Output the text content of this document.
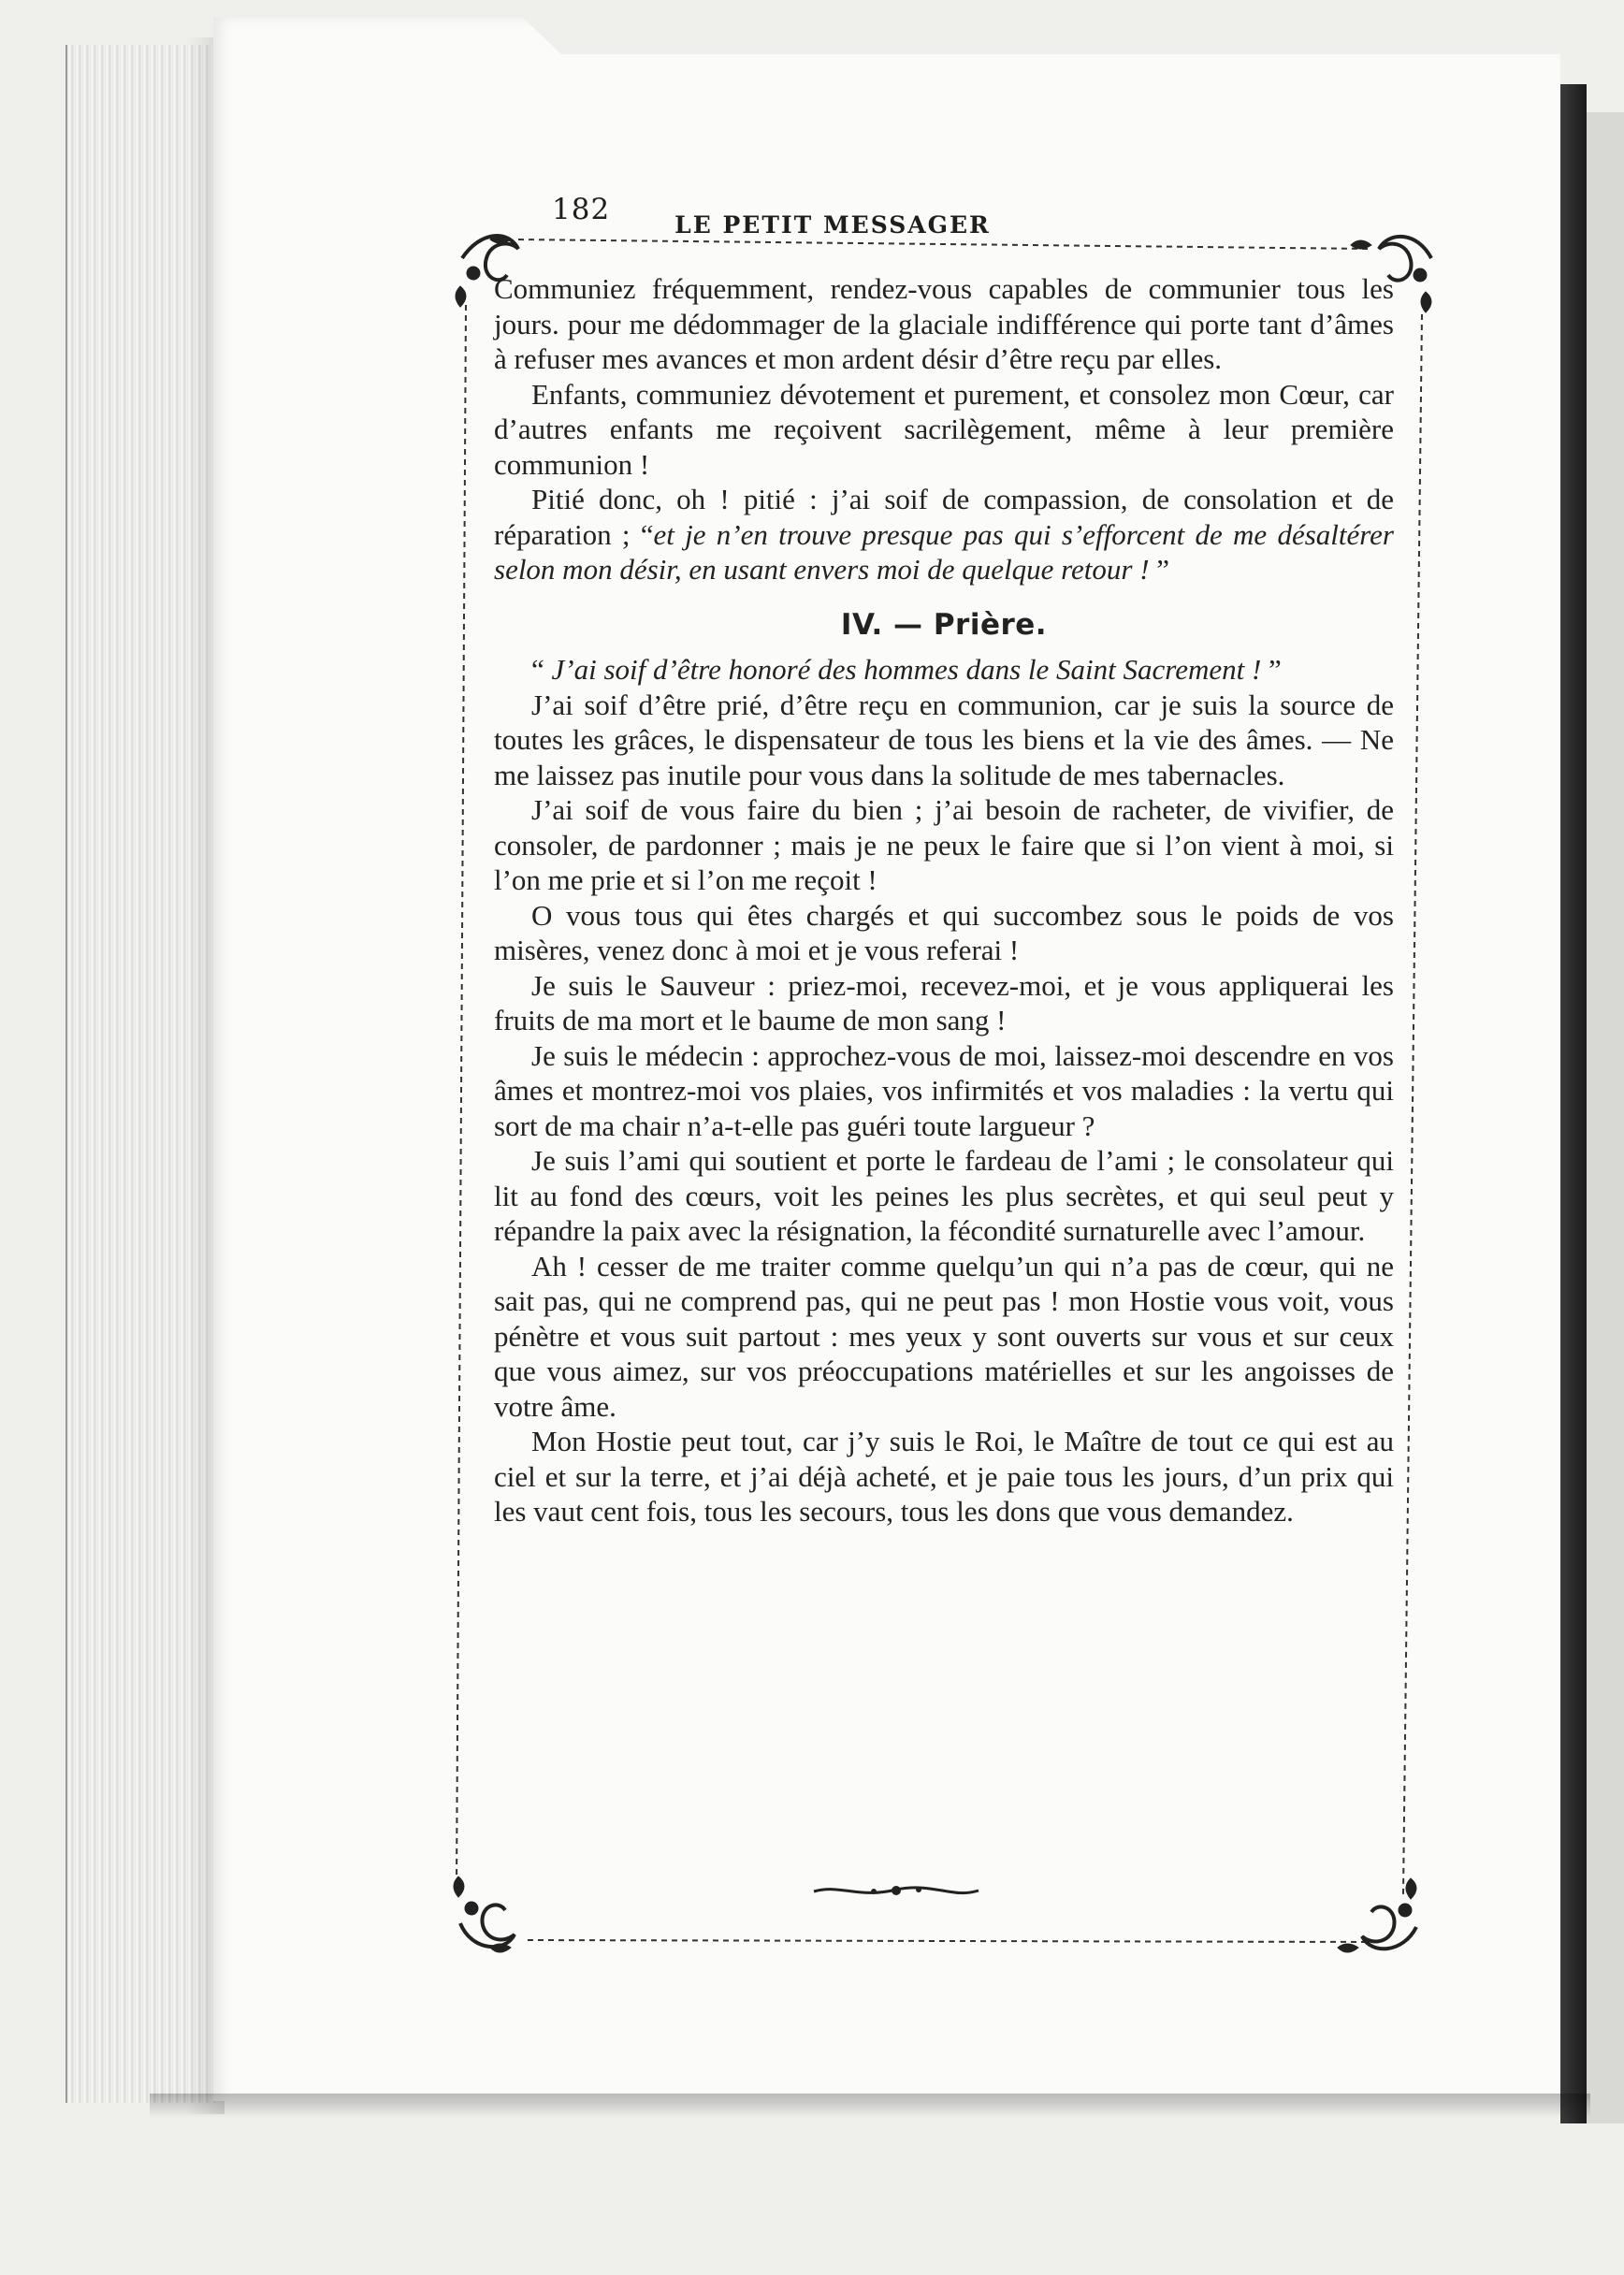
182	LE PETIT MESSAGER

Communiez fréquemment, rendez-vous capables de communier tous les jours. pour me dédommager de la glaciale indifférence qui porte tant d’âmes à refuser mes avances et mon ardent désir d’être reçu par elles.

Enfants, communiez dévotement et purement, et consolez mon Cœur, car d’autres enfants me reçoivent sacrilègement, même à leur première communion !

Pitié donc, oh ! pitié : j’ai soif de compassion, de consolation et de réparation ; “et je n’en trouve presque pas qui s’efforcent de me désaltérer selon mon désir, en usant envers moi de quelque retour ! ”

IV. — Prière.

“ J’ai soif d’être honoré des hommes dans le Saint Sacrement ! ”

J’ai soif d’être prié, d’être reçu en communion, car je suis la source de toutes les grâces, le dispensateur de tous les biens et la vie des âmes. — Ne me laissez pas inutile pour vous dans la solitude de mes tabernacles.

J’ai soif de vous faire du bien ; j’ai besoin de racheter, de vivifier, de consoler, de pardonner ; mais je ne peux le faire que si l’on vient à moi, si l’on me prie et si l’on me reçoit !

O vous tous qui êtes chargés et qui succombez sous le poids de vos misères, venez donc à moi et je vous referai !

Je suis le Sauveur : priez-moi, recevez-moi, et je vous appliquerai les fruits de ma mort et le baume de mon sang !

Je suis le médecin : approchez-vous de moi, laissez-moi descendre en vos âmes et montrez-moi vos plaies, vos infirmités et vos maladies : la vertu qui sort de ma chair n’a-t-elle pas guéri toute largueur ?

Je suis l’ami qui soutient et porte le fardeau de l’ami ; le consolateur qui lit au fond des cœurs, voit les peines les plus secrètes, et qui seul peut y répandre la paix avec la résignation, la fécondité surnaturelle avec l’amour.

Ah ! cesser de me traiter comme quelqu’un qui n’a pas de cœur, qui ne sait pas, qui ne comprend pas, qui ne peut pas ! mon Hostie vous voit, vous pénètre et vous suit partout : mes yeux y sont ouverts sur vous et sur ceux que vous aimez, sur vos préoccupations matérielles et sur les angoisses de votre âme.

Mon Hostie peut tout, car j’y suis le Roi, le Maître de tout ce qui est au ciel et sur la terre, et j’ai déjà acheté, et je paie tous les jours, d’un prix qui les vaut cent fois, tous les secours, tous les dons que vous demandez.
